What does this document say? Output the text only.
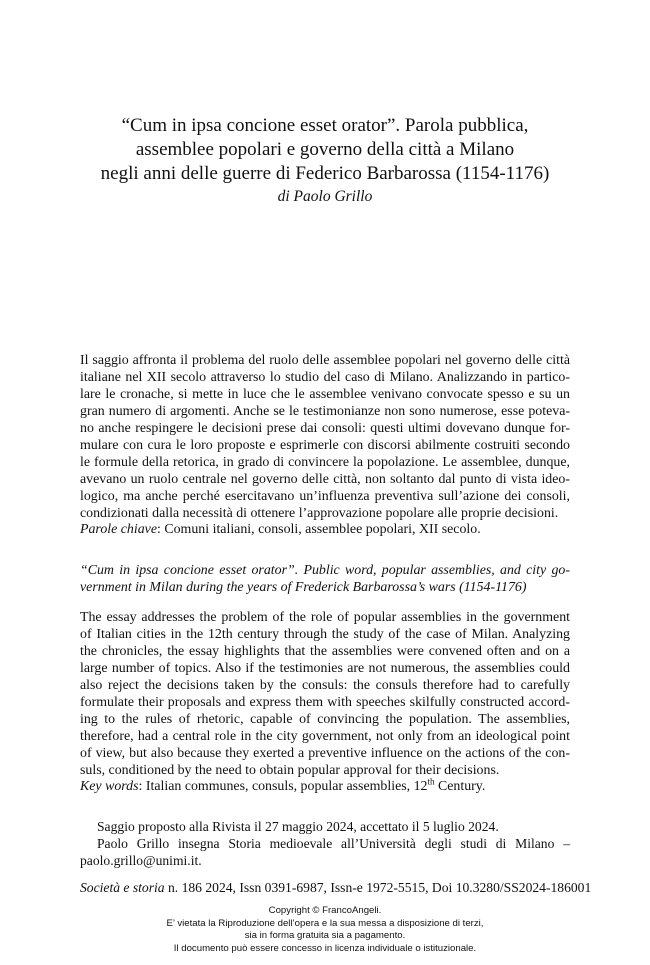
“Cum in ipsa concione esset orator”. Parola pubblica,
assemblee popolari e governo della città a Milano
negli anni delle guerre di Federico Barbarossa (1154-1176)
di Paolo Grillo
Il saggio affronta il problema del ruolo delle assemblee popolari nel governo delle città
italiane nel XII secolo attraverso lo studio del caso di Milano. Analizzando in partico-
lare le cronache, si mette in luce che le assemblee venivano convocate spesso e su un
gran numero di argomenti. Anche se le testimonianze non sono numerose, esse poteva-
no anche respingere le decisioni prese dai consoli: questi ultimi dovevano dunque for-
mulare con cura le loro proposte e esprimerle con discorsi abilmente costruiti secondo
le formule della retorica, in grado di convincere la popolazione. Le assemblee, dunque,
avevano un ruolo centrale nel governo delle città, non soltanto dal punto di vista ideo-
logico, ma anche perché esercitavano un’influenza preventiva sull’azione dei consoli,
condizionati dalla necessità di ottenere l’approvazione popolare alle proprie decisioni.
Parole chiave: Comuni italiani, consoli, assemblee popolari, XII secolo.
“Cum in ipsa concione esset orator”. Public word, popular assemblies, and city go-
vernment in Milan during the years of Frederick Barbarossa’s wars (1154-1176)
The essay addresses the problem of the role of popular assemblies in the government
of Italian cities in the 12th century through the study of the case of Milan. Analyzing
the chronicles, the essay highlights that the assemblies were convened often and on a
large number of topics. Also if the testimonies are not numerous, the assemblies could
also reject the decisions taken by the consuls: the consuls therefore had to carefully
formulate their proposals and express them with speeches skilfully constructed accord-
ing to the rules of rhetoric, capable of convincing the population. The assemblies,
therefore, had a central role in the city government, not only from an ideological point
of view, but also because they exerted a preventive influence on the actions of the con-
suls, conditioned by the need to obtain popular approval for their decisions.
Key words: Italian communes, consuls, popular assemblies, 12th Century.
Saggio proposto alla Rivista il 27 maggio 2024, accettato il 5 luglio 2024.
Paolo Grillo insegna Storia medioevale all’Università degli studi di Milano –
paolo.grillo@unimi.it.
Società e storia n. 186 2024, Issn 0391-6987, Issn-e 1972-5515, Doi 10.3280/SS2024-186001
Copyright © FrancoAngeli.
E’ vietata la Riproduzione dell’opera e la sua messa a disposizione di terzi,
sia in forma gratuita sia a pagamento.
Il documento può essere concesso in licenza individuale o istituzionale.
